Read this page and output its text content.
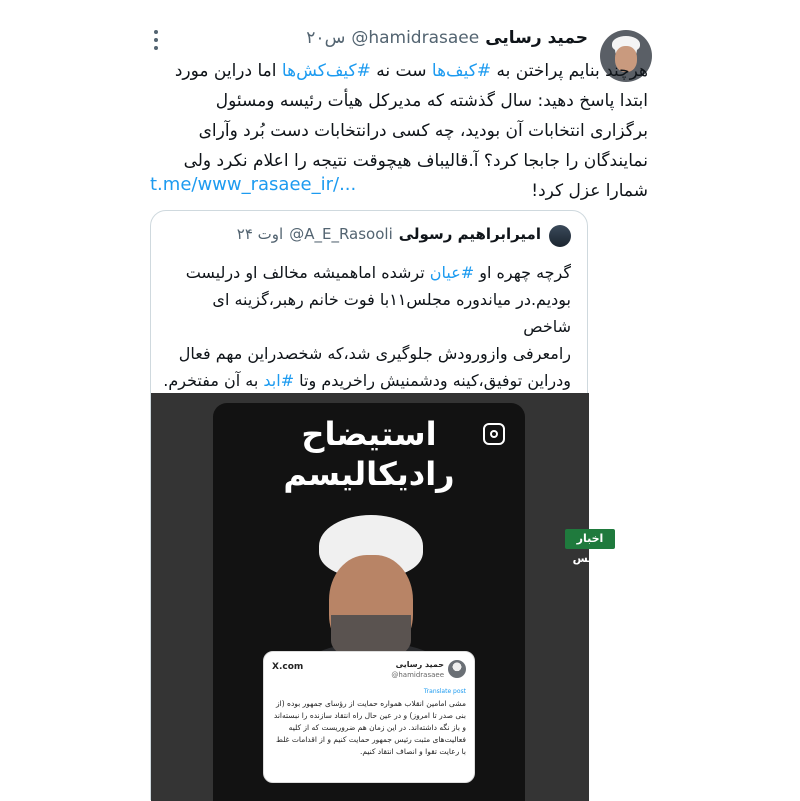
حمید رسایی
@hamidrasaee
۲۰س
هرچند بنایم پراختن به #کیف‌ها ست نه #کیف‌کش‌ها اما دراین مورد
ابتدا پاسخ دهید: سال گذشته که مدیرکل هیأت رئیسه ومسئول
برگزاری انتخابات آن بودید، چه کسی درانتخابات دست بُرد وآرای
نمایندگان را جابجا کرد؟ آ.قالیباف هیچوقت نتیجه را اعلام نکرد ولی
شمارا عزل کرد!
t.me/www_rasaee_ir/...
امیرابراهیم رسولی
@A_E_Rasooli
۲۴ اوت
گرچه چهره او #عیان ترشده اماهمیشه مخالف او درلیست
بودیم.در میاندوره مجلس۱۱با فوت خانم رهبر،گزینه ای شاخص
رامعرفی وازورودش جلوگیری شد،که شخصدراین مهم فعال
ودراین توفیق،کینه ودشمنیش راخریدم وتا #ابد به آن مفتخرم.
استیضاح
رادیکالیسم
اخبار مجلس
حمید رسایی
@hamidrasaee
X.com
Translate post
مشی امامین انقلاب همواره حمایت از رؤسای جمهور بوده (از بنی صدر تا امروز) و در عین حال راه انتقاد سازنده را نبسته‌اند و باز نگه داشته‌اند. در این زمان هم ضروریست که از کلیه فعالیت‌های مثبت رئیس جمهور حمایت کنیم و از اقدامات غلط با رعایت تقوا و انصاف انتقاد کنیم.
